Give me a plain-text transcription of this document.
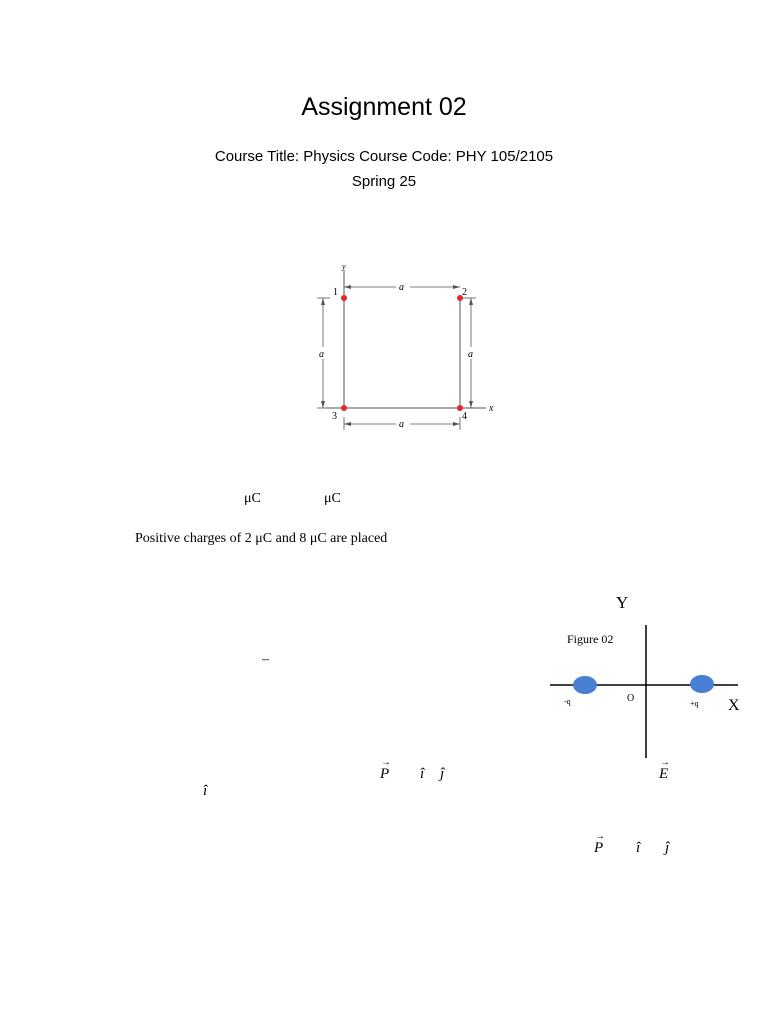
Assignment 02
Course Title: Physics Course Code: PHY 105/2105
Spring 25
y
x
a
a
a	a
1	2
3	4
μC	μC
Positive charges of 2 μC and 8 μC are placed
–
→ P î ĵ
→	E
î
→ P î ĵ
Y
Figure 02
-q	O	+q X
